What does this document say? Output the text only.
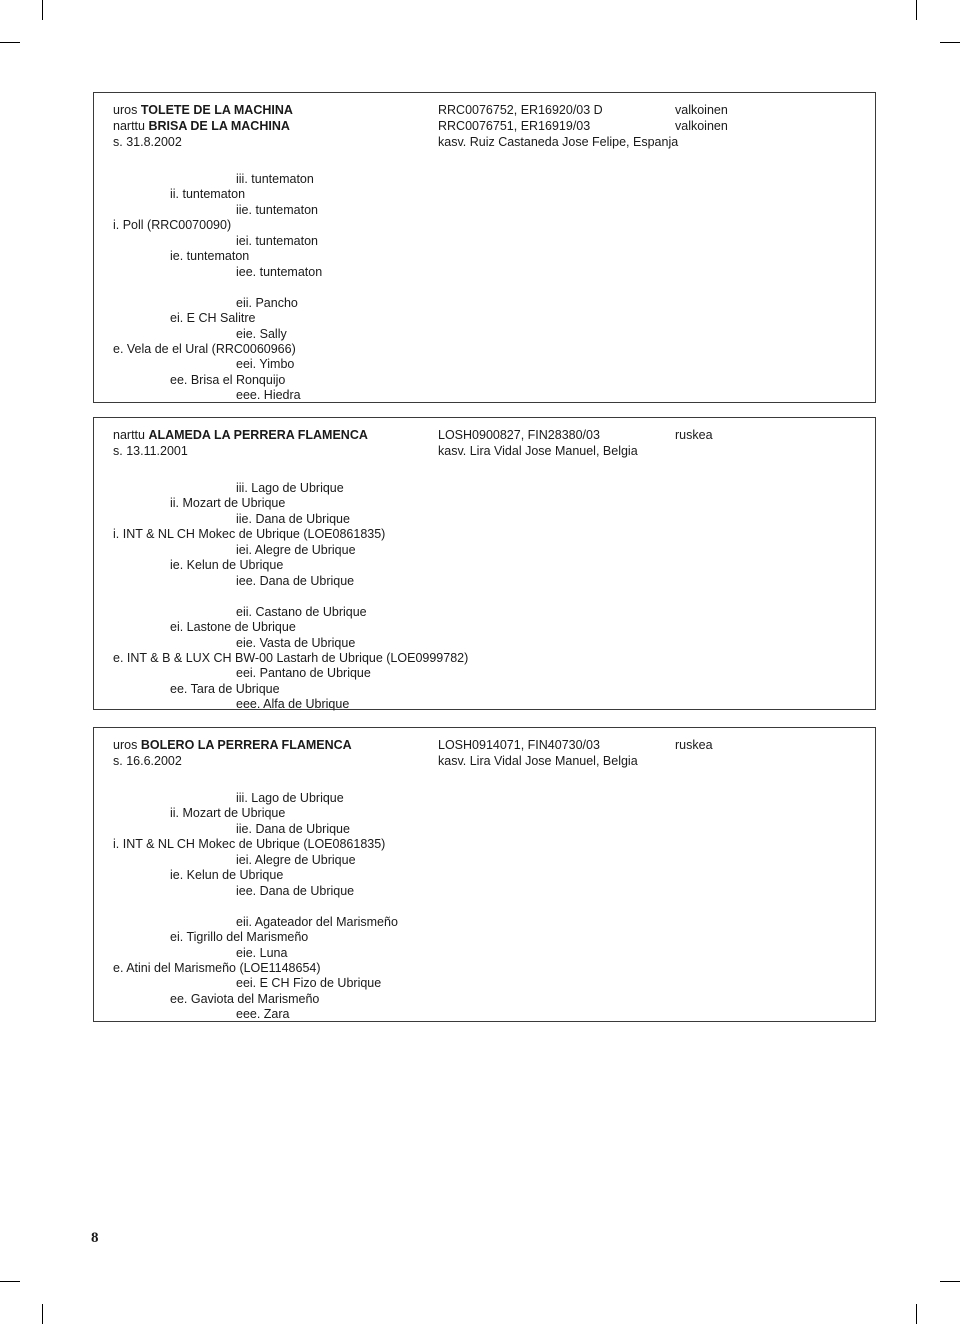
uros TOLETE DE LA MACHINA	RRC0076752, ER16920/03 D	valkoinen
narttu BRISA DE LA MACHINA	RRC0076751, ER16919/03	valkoinen
s. 31.8.2002	kasv. Ruiz Castaneda Jose Felipe, Espanja
iii. tuntematon
ii. tuntematon
iie. tuntematon
i. Poll (RRC0070090)
iei. tuntematon
ie. tuntematon
iee. tuntematon
eii. Pancho
ei. E CH Salitre
eie. Sally
e. Vela de el Ural (RRC0060966)
eei. Yimbo
ee. Brisa el Ronquijo
eee. Hiedra
narttu ALAMEDA LA PERRERA FLAMENCA	LOSH0900827, FIN28380/03	ruskea
s. 13.11.2001	kasv. Lira Vidal Jose Manuel, Belgia
iii. Lago de Ubrique
ii. Mozart de Ubrique
iie. Dana de Ubrique
i. INT & NL CH Mokec de Ubrique (LOE0861835)
iei. Alegre de Ubrique
ie. Kelun de Ubrique
iee. Dana de Ubrique
eii. Castano de Ubrique
ei. Lastone de Ubrique
eie. Vasta de Ubrique
e. INT & B & LUX CH BW-00 Lastarh de Ubrique (LOE0999782)
eei. Pantano de Ubrique
ee. Tara de Ubrique
eee. Alfa de Ubrique
uros BOLERO LA PERRERA FLAMENCA	LOSH0914071, FIN40730/03	ruskea
s. 16.6.2002	kasv. Lira Vidal Jose Manuel, Belgia
iii. Lago de Ubrique
ii. Mozart de Ubrique
iie. Dana de Ubrique
i. INT & NL CH Mokec de Ubrique (LOE0861835)
iei. Alegre de Ubrique
ie. Kelun de Ubrique
iee. Dana de Ubrique
eii. Agateador del Marismeño
ei. Tigrillo del Marismeño
eie. Luna
e. Atini del Marismeño (LOE1148654)
eei. E CH Fizo de Ubrique
ee. Gaviota del Marismeño
eee. Zara
8
